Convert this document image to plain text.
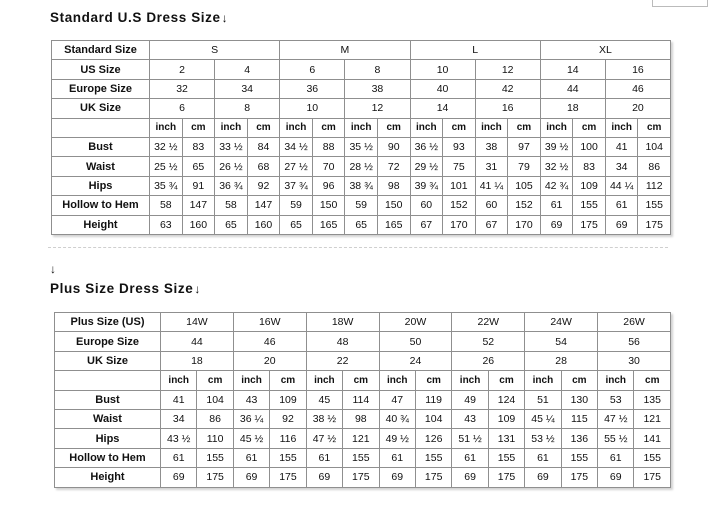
Standard U.S Dress Size↓
Standard Size	S				M				L				XL			
US Size	2		4		6		8		10		12		14		16	
Europe Size	32		34		36		38		40		42		44		46	
UK Size	6		8		10		12		14		16		18		20	
	inch	cm	inch	cm	inch	cm	inch	cm	inch	cm	inch	cm	inch	cm	inch	cm
Bust	32 ½	83	33 ½	84	34 ½	88	35 ½	90	36 ½	93	38	97	39 ½	100	41	104
Waist	25 ½	65	26 ½	68	27 ½	70	28 ½	72	29 ½	75	31	79	32 ½	83	34	86
Hips	35 ¾	91	36 ¾	92	37 ¾	96	38 ¾	98	39 ¾	101	41 ¼	105	42 ¾	109	44 ¼	112
Hollow to Hem	58	147	58	147	59	150	59	150	60	152	60	152	61	155	61	155
Height	63	160	65	160	65	165	65	165	67	170	67	170	69	175	69	175
↓
Plus Size Dress Size↓
Plus Size (US)	14W		16W		18W		20W		22W		24W		26W	
Europe Size	44		46		48		50		52		54		56	
UK Size	18		20		22		24		26		28		30	
	inch	cm	inch	cm	inch	cm	inch	cm	inch	cm	inch	cm	inch	cm
Bust	41	104	43	109	45	114	47	119	49	124	51	130	53	135
Waist	34	86	36 ¼	92	38 ½	98	40 ¾	104	43	109	45 ¼	115	47 ½	121
Hips	43 ½	110	45 ½	116	47 ½	121	49 ½	126	51 ½	131	53 ½	136	55 ½	141
Hollow to Hem	61	155	61	155	61	155	61	155	61	155	61	155	61	155
Height	69	175	69	175	69	175	69	175	69	175	69	175	69	175
